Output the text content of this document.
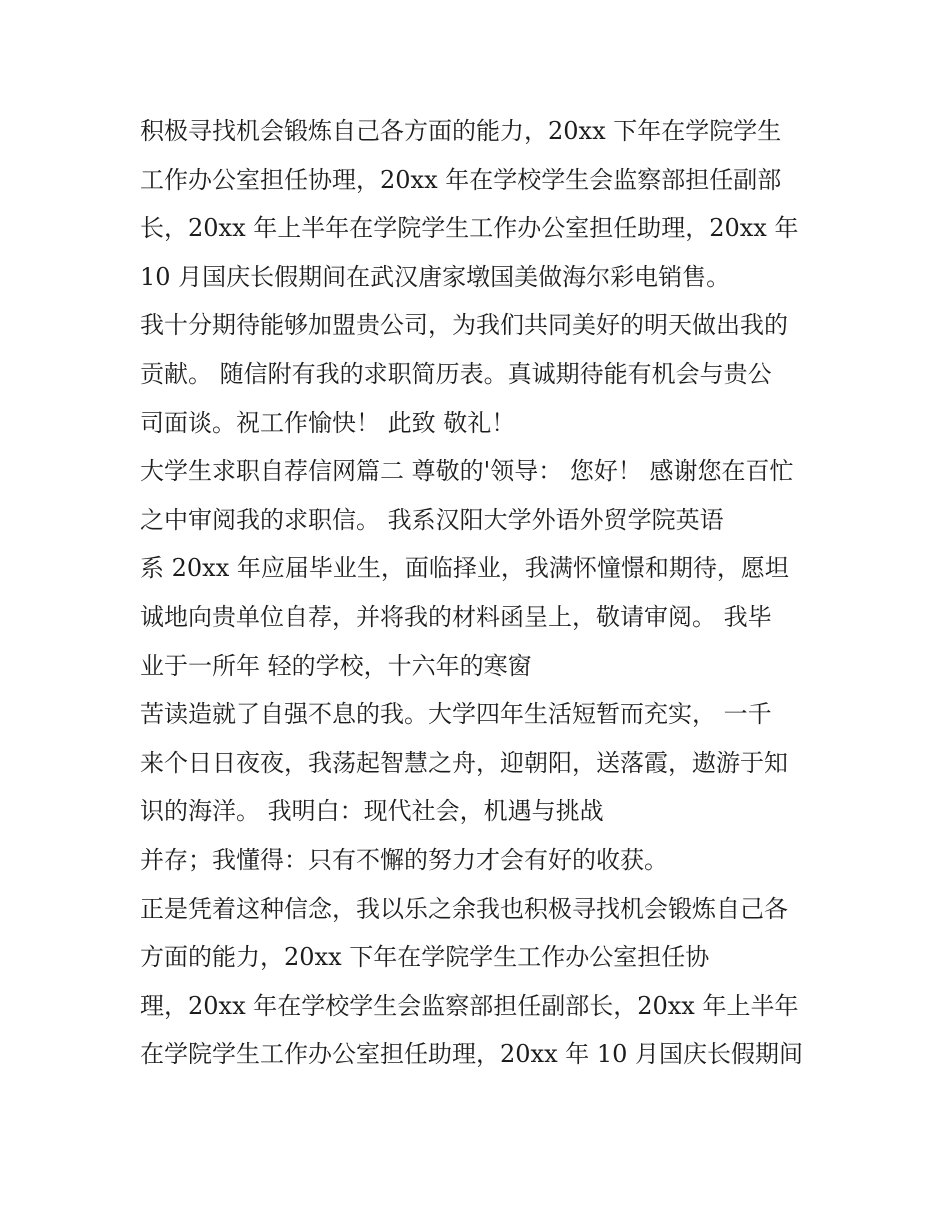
积极寻找机会锻炼自己各方面的能力，20xx 下年在学院学生
工作办公室担任协理，20xx 年在学校学生会监察部担任副部
长，20xx 年上半年在学院学生工作办公室担任助理，20xx 年
10 月国庆长假期间在武汉唐家墩国美做海尔彩电销售。
我十分期待能够加盟贵公司，为我们共同美好的明天做出我的
贡献。 随信附有我的求职简历表。真诚期待能有机会与贵公
司面谈。祝工作愉快！ 此致 敬礼！
大学生求职自荐信网篇二 尊敬的'领导： 您好！ 感谢您在百忙
之中审阅我的求职信。 我系汉阳大学外语外贸学院英语
系 20xx 年应届毕业生，面临择业，我满怀憧憬和期待，愿坦
诚地向贵单位自荐，并将我的材料函呈上，敬请审阅。 我毕
业于一所年 轻的学校，十六年的寒窗
苦读造就了自强不息的我。大学四年生活短暂而充实， 一千
来个日日夜夜，我荡起智慧之舟，迎朝阳，送落霞，遨游于知
识的海洋。 我明白：现代社会，机遇与挑战
并存；我懂得：只有不懈的努力才会有好的收获。
正是凭着这种信念，我以乐之余我也积极寻找机会锻炼自己各
方面的能力，20xx 下年在学院学生工作办公室担任协
理，20xx 年在学校学生会监察部担任副部长，20xx 年上半年
在学院学生工作办公室担任助理，20xx 年 10 月国庆长假期间
